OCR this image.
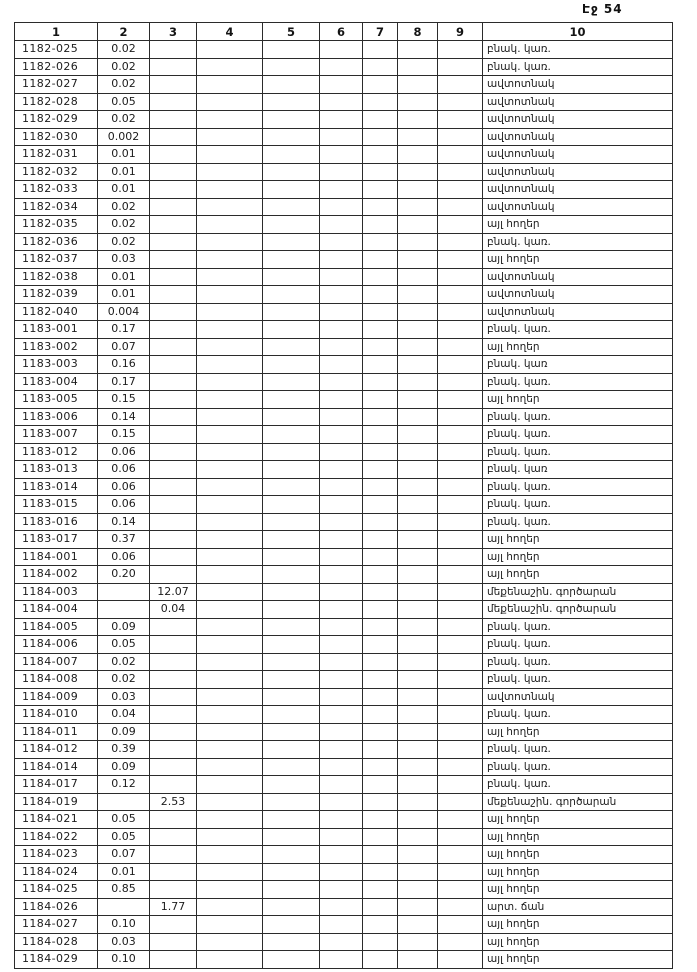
Էջ 54
1	2	3	4	5	6	7	8	9	10
1182-025	0.02								բնակ. կառ.
1182-026	0.02								բնակ. կառ.
1182-027	0.02								ավտոտնակ
1182-028	0.05								ավտոտնակ
1182-029	0.02								ավտոտնակ
1182-030	0.002								ավտոտնակ
1182-031	0.01								ավտոտնակ
1182-032	0.01								ավտոտնակ
1182-033	0.01								ավտոտնակ
1182-034	0.02								ավտոտնակ
1182-035	0.02								այլ հողեր
1182-036	0.02								բնակ. կառ.
1182-037	0.03								այլ հողեր
1182-038	0.01								ավտոտնակ
1182-039	0.01								ավտոտնակ
1182-040	0.004								ավտոտնակ
1183-001	0.17								բնակ. կառ.
1183-002	0.07								այլ հողեր
1183-003	0.16								բնակ. կառ
1183-004	0.17								բնակ. կառ.
1183-005	0.15								այլ հողեր
1183-006	0.14								բնակ. կառ.
1183-007	0.15								բնակ. կառ.
1183-012	0.06								բնակ. կառ.
1183-013	0.06								բնակ. կառ
1183-014	0.06								բնակ. կառ.
1183-015	0.06								բնակ. կառ.
1183-016	0.14								բնակ. կառ.
1183-017	0.37								այլ հողեր
1184-001	0.06								այլ հողեր
1184-002	0.20								այլ հողեր
1184-003		12.07							մեքենաշին. գործարան
1184-004		0.04							մեքենաշին. գործարան
1184-005	0.09								բնակ. կառ.
1184-006	0.05								բնակ. կառ.
1184-007	0.02								բնակ. կառ.
1184-008	0.02								բնակ. կառ.
1184-009	0.03								ավտոտնակ
1184-010	0.04								բնակ. կառ.
1184-011	0.09								այլ հողեր
1184-012	0.39								բնակ. կառ.
1184-014	0.09								բնակ. կառ.
1184-017	0.12								բնակ. կառ.
1184-019		2.53							մեքենաշին. գործարան
1184-021	0.05								այլ հողեր
1184-022	0.05								այլ հողեր
1184-023	0.07								այլ հողեր
1184-024	0.01								այլ հողեր
1184-025	0.85								այլ հողեր
1184-026		1.77							արտ. ճան
1184-027	0.10								այլ հողեր
1184-028	0.03								այլ հողեր
1184-029	0.10								այլ հողեր
